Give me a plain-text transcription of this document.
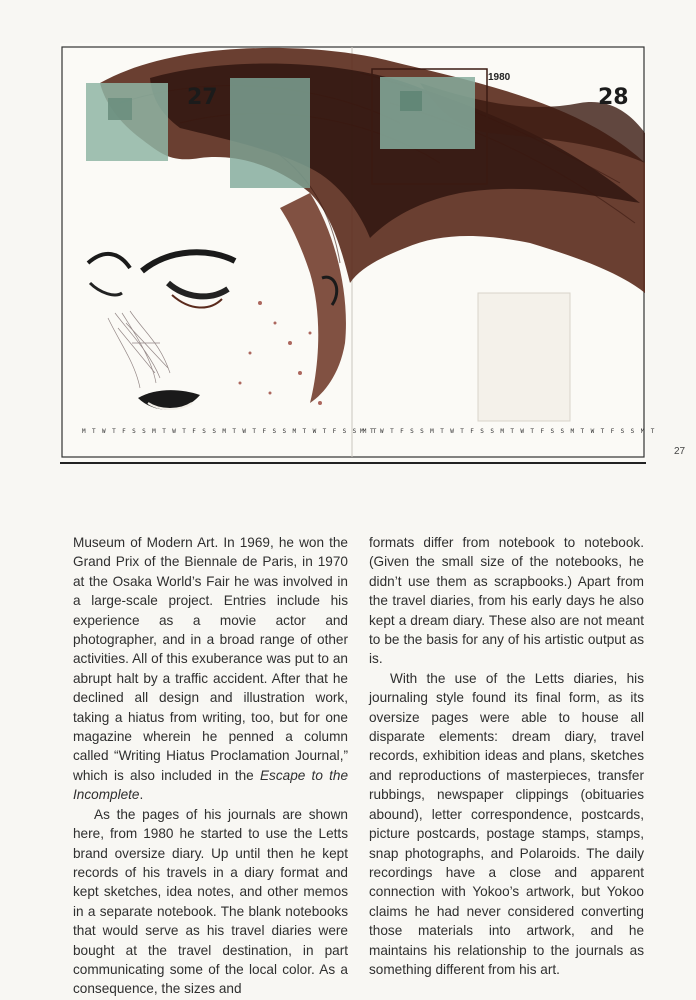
27	28
1980
M T W T F S S M T W T F S S M T W T F S S M T W T F S S M T
M T W T F S S M T W T F S S M T W T F S S M T W T F S S M T
27

Museum of Modern Art. In 1969, he won the Grand Prix of the Biennale de Paris, in 1970 at the Osaka World’s Fair he was involved in a large-scale project. Entries include his experience as a movie actor and photographer, and in a broad range of other activities. All of this exuberance was put to an abrupt halt by a traffic accident. After that he declined all design and illustration work, taking a hiatus from writing, too, but for one magazine wherein he penned a column called “Writing Hiatus Proclamation Journal,” which is also included in the Escape to the Incomplete.

As the pages of his journals are shown here, from 1980 he started to use the Letts brand oversize diary. Up until then he kept records of his travels in a diary format and kept sketches, idea notes, and other memos in a separate notebook. The blank notebooks that would serve as his travel diaries were bought at the travel destination, in part communicating some of the local color. As a consequence, the sizes and

formats differ from notebook to notebook. (Given the small size of the notebooks, he didn’t use them as scrapbooks.) Apart from the travel diaries, from his early days he also kept a dream diary. These also are not meant to be the basis for any of his artistic output as is.

With the use of the Letts diaries, his journaling style found its final form, as its oversize pages were able to house all disparate elements: dream diary, travel records, exhibition ideas and plans, sketches and reproductions of masterpieces, transfer rubbings, newspaper clippings (obituaries abound), letter correspondence, postcards, picture postcards, postage stamps, stamps, snap photographs, and Polaroids. The daily recordings have a close and apparent connection with Yokoo’s artwork, but Yokoo claims he had never considered converting those materials into artwork, and he maintains his relationship to the journals as something different from his art.
